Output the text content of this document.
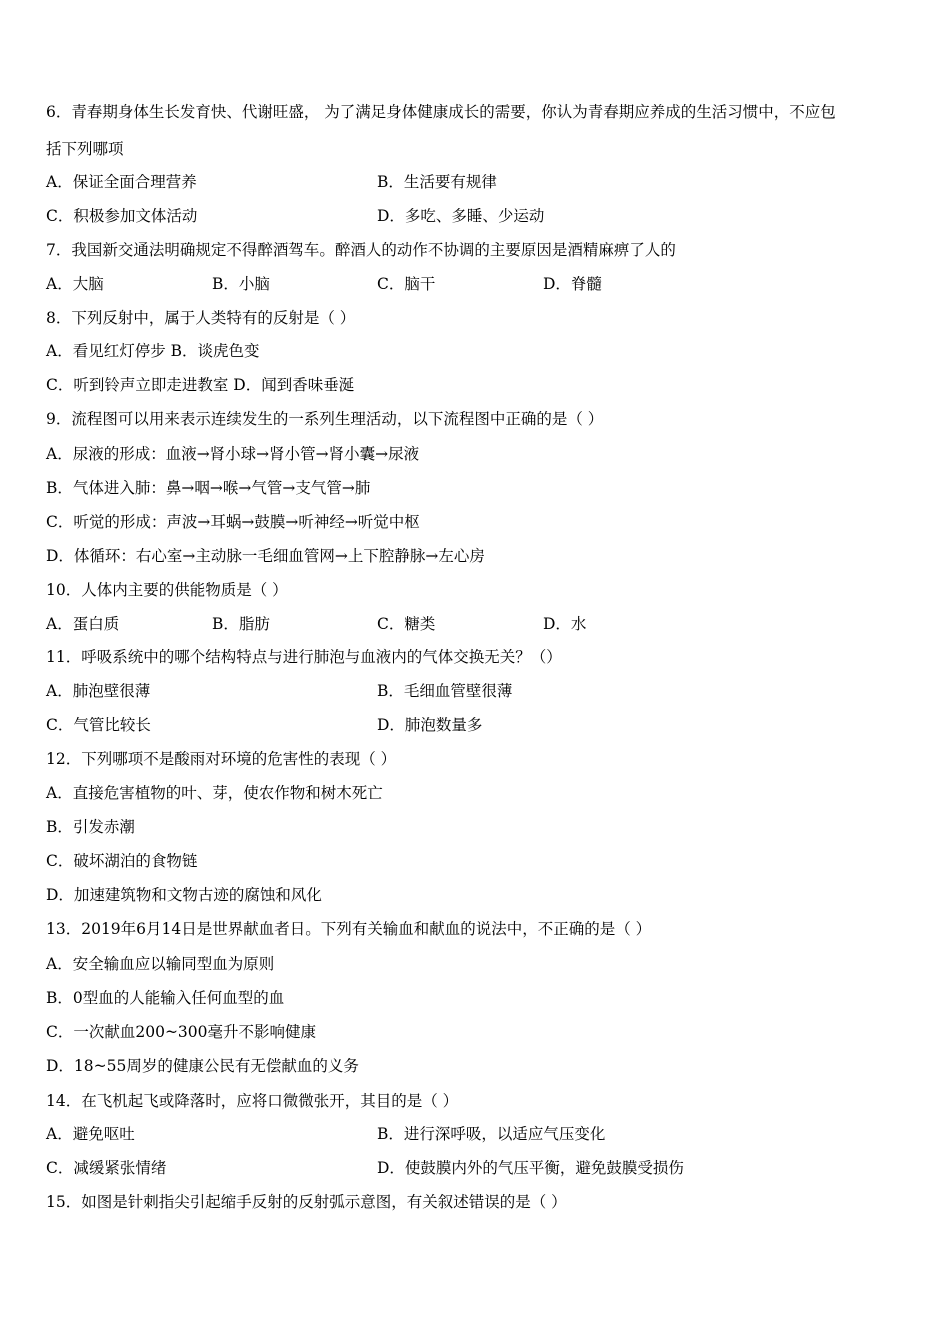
6．青春期身体生长发育快、代谢旺盛， 为了满足身体健康成长的需要，你认为青春期应养成的生活习惯中，不应包
括下列哪项
A．保证全面合理营养	B．生活要有规律
C．积极参加文体活动	D．多吃、多睡、少运动
7．我国新交通法明确规定不得醉酒驾车。醉酒人的动作不协调的主要原因是酒精麻痹了人的
A．大脑	B．小脑	C．脑干	D．脊髓
8．下列反射中，属于人类特有的反射是（ ）
A．看见红灯停步 B．谈虎色变
C．听到铃声立即走进教室 D．闻到香味垂涎
9．流程图可以用来表示连续发生的一系列生理活动，以下流程图中正确的是（ ）
A．尿液的形成：血液→肾小球→肾小管→肾小囊→尿液
B．气体进入肺：鼻→咽→喉→气管→支气管→肺
C．听觉的形成：声波→耳蜗→鼓膜→听神经→听觉中枢
D．体循环：右心室→主动脉一毛细血管网→上下腔静脉→左心房
10．人体内主要的供能物质是（ ）
A．蛋白质	B．脂肪	C．糖类	D．水
11．呼吸系统中的哪个结构特点与进行肺泡与血液内的气体交换无关？（）
A．肺泡壁很薄	B．毛细血管壁很薄
C．气管比较长	D．肺泡数量多
12．下列哪项不是酸雨对环境的危害性的表现（ ）
A．直接危害植物的叶、芽，使农作物和树木死亡
B．引发赤潮
C．破坏湖泊的食物链
D．加速建筑物和文物古迹的腐蚀和风化
13．2019年6月14日是世界献血者日。下列有关输血和献血的说法中，不正确的是（ ）
A．安全输血应以输同型血为原则
B．0型血的人能输入任何血型的血
C．一次献血200~300毫升不影响健康
D．18~55周岁的健康公民有无偿献血的义务
14．在飞机起飞或降落时，应将口微微张开，其目的是（ ）
A．避免呕吐	B．进行深呼吸，以适应气压变化
C．减缓紧张情绪	D．使鼓膜内外的气压平衡，避免鼓膜受损伤
15．如图是针刺指尖引起缩手反射的反射弧示意图，有关叙述错误的是（ ）
